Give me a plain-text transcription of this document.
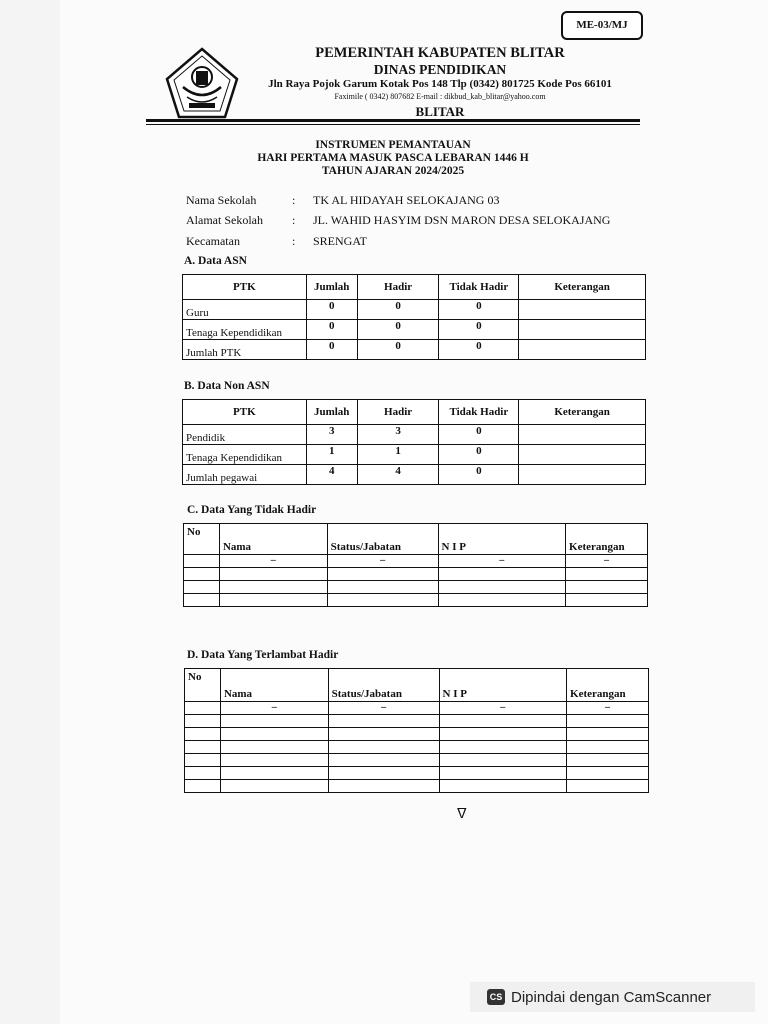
ME-03/MJ
PEMERINTAH KABUPATEN BLITAR
DINAS PENDIDIKAN
Jln Raya Pojok Garum Kotak Pos 148 Tlp (0342) 801725 Kode Pos 66101
Faximile ( 0342) 807682 E-mail : dikbud_kab_blitar@yahoo.com
BLITAR
INSTRUMEN PEMANTAUAN
HARI PERTAMA MASUK PASCA LEBARAN 1446 H
TAHUN AJARAN 2024/2025
Nama Sekolah	: TK AL HIDAYAH SELOKAJANG 03
Alamat Sekolah : JL. WAHID HASYIM DSN MARON DESA SELOKAJANG
Kecamatan	: SRENGAT
A. Data ASN
PTK	Jumlah	Hadir	Tidak Hadir	Keterangan
Guru	0	0	0	
Tenaga Kependidikan	0	0	0	
Jumlah PTK	0	0	0	
B. Data Non ASN
PTK	Jumlah	Hadir	Tidak Hadir	Keterangan
Pendidik	3	3	0	
Tenaga Kependidikan	1	1	0	
Jumlah pegawai	4	4	0	
C. Data Yang Tidak Hadir
No	Nama	Status/Jabatan	N I P	Keterangan
	–	–	–	–

D. Data Yang Terlambat Hadir
No	Nama	Status/Jabatan	N I P	Keterangan
	–	–	–	–

ᐁ
CS Dipindai dengan CamScanner
